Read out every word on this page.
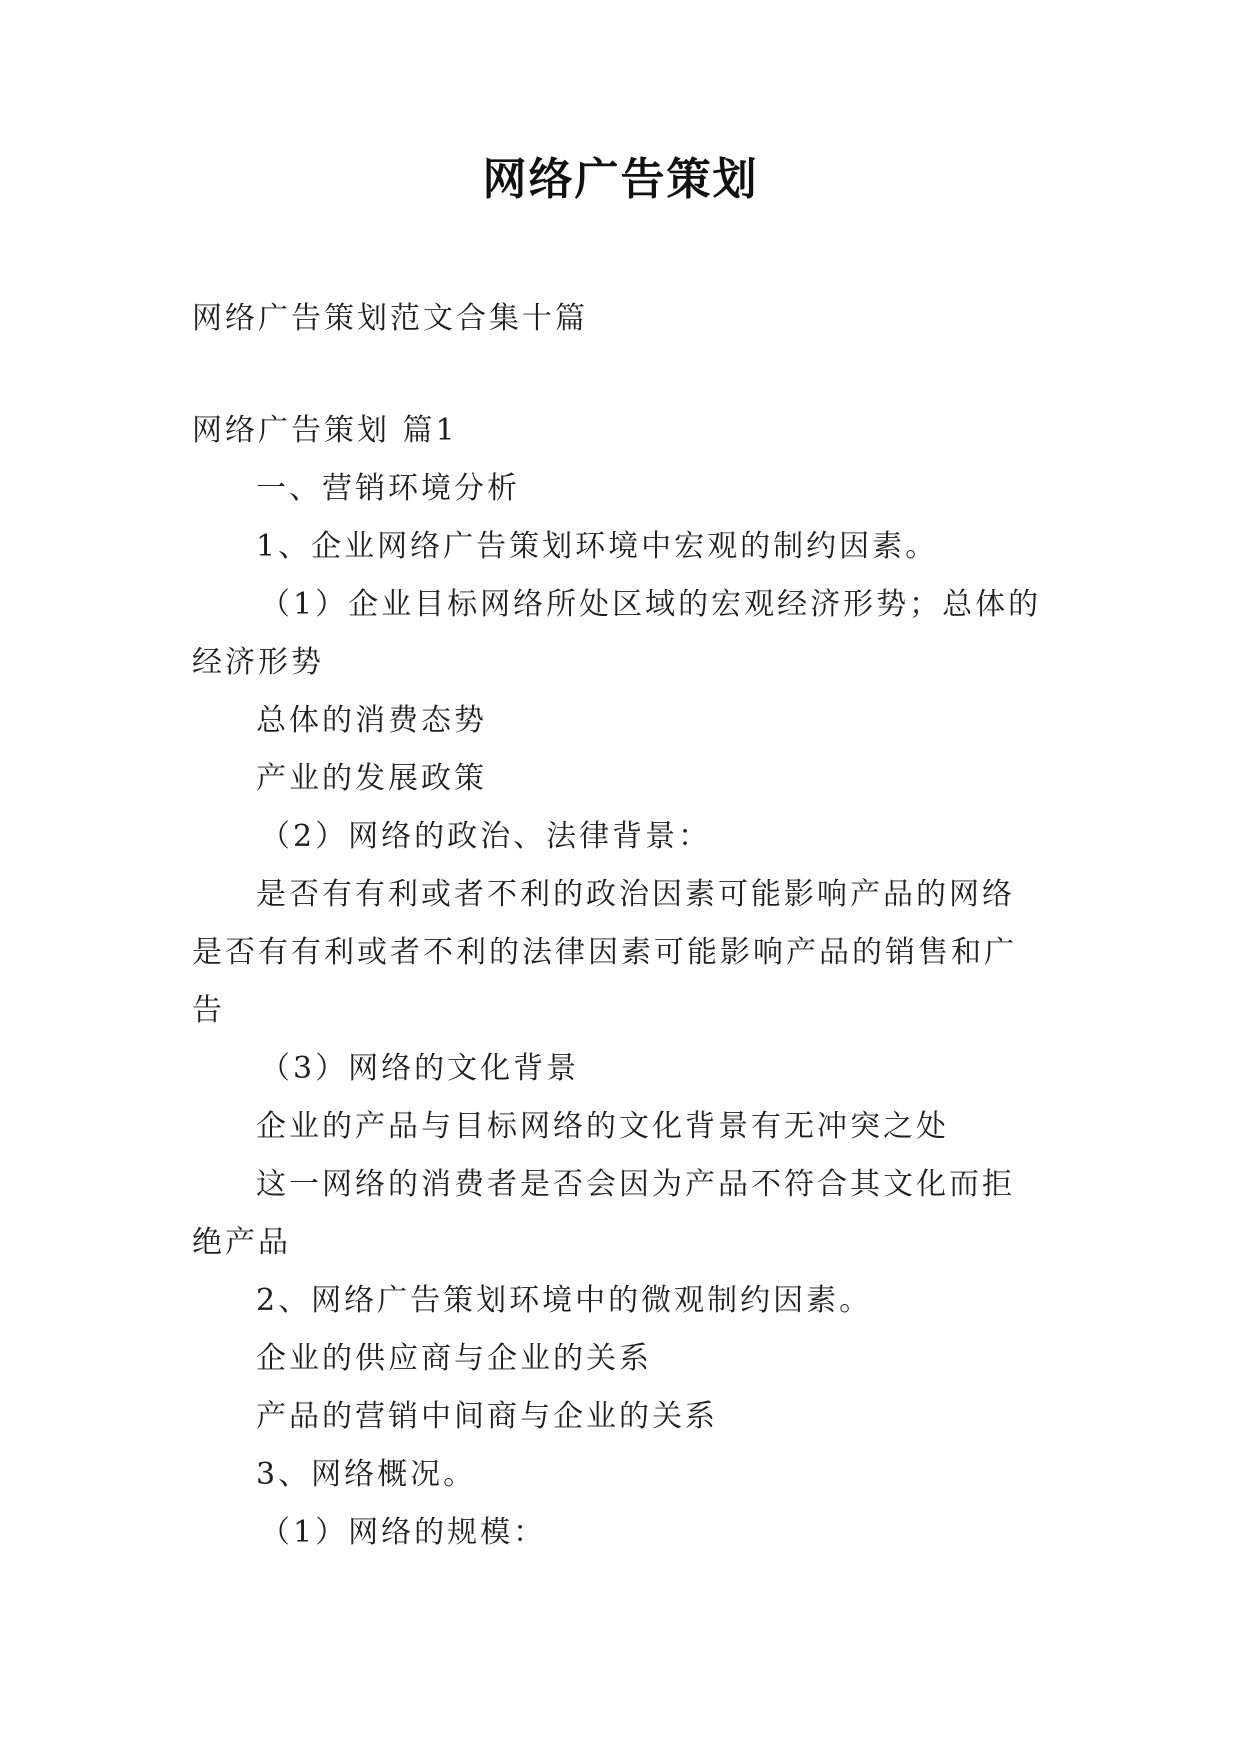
网络广告策划
网络广告策划范文合集十篇
网络广告策划 篇1
一、营销环境分析
1、企业网络广告策划环境中宏观的制约因素。
（1）企业目标网络所处区域的宏观经济形势；总体的
经济形势
总体的消费态势
产业的发展政策
（2）网络的政治、法律背景：
是否有有利或者不利的政治因素可能影响产品的网络
是否有有利或者不利的法律因素可能影响产品的销售和广
告
（3）网络的文化背景
企业的产品与目标网络的文化背景有无冲突之处
这一网络的消费者是否会因为产品不符合其文化而拒
绝产品
2、网络广告策划环境中的微观制约因素。
企业的供应商与企业的关系
产品的营销中间商与企业的关系
3、网络概况。
（1）网络的规模：
